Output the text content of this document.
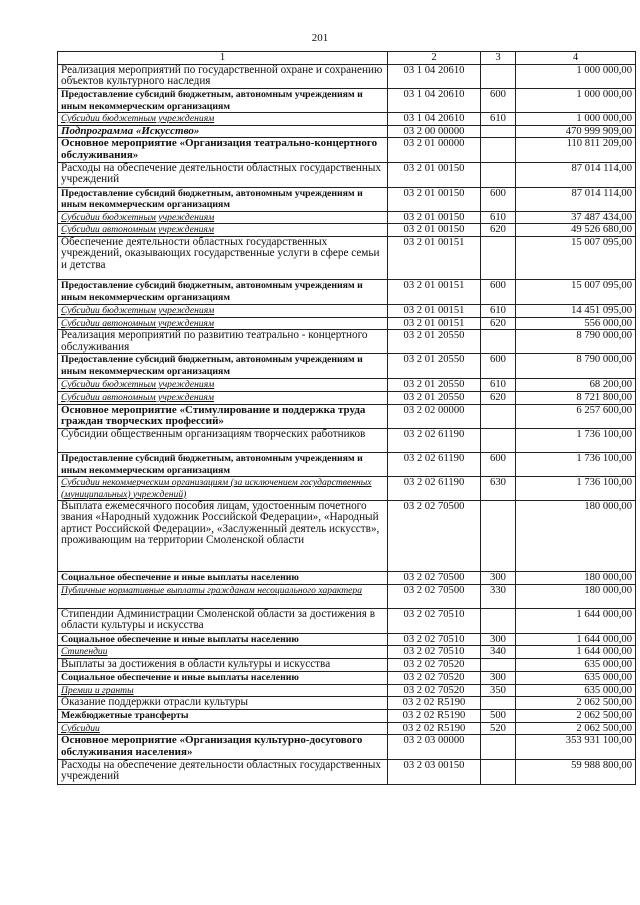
201
1	2	3	4
Реализация мероприятий по государственной охране и сохранению объектов культурного наследия	03 1 04 20610		1 000 000,00
Предоставление субсидий бюджетным, автономным учреждениям и иным некоммерческим организациям	03 1 04 20610	600	1 000 000,00
Субсидии бюджетным учреждениям	03 1 04 20610	610	1 000 000,00
Подпрограмма «Искусство»	03 2 00 00000		470 999 909,00
Основное мероприятие «Организация театрально-концертного обслуживания»	03 2 01 00000		110 811 209,00
Расходы на обеспечение деятельности областных государственных учреждений	03 2 01 00150		87 014 114,00
Предоставление субсидий бюджетным, автономным учреждениям и иным некоммерческим организациям	03 2 01 00150	600	87 014 114,00
Субсидии бюджетным учреждениям	03 2 01 00150	610	37 487 434,00
Субсидии автономным учреждениям	03 2 01 00150	620	49 526 680,00
Обеспечение деятельности областных государственных учреждений, оказывающих государственные услуги в сфере семьи и детства	03 2 01 00151		15 007 095,00
Предоставление субсидий бюджетным, автономным учреждениям и иным некоммерческим организациям	03 2 01 00151	600	15 007 095,00
Субсидии бюджетным учреждениям	03 2 01 00151	610	14 451 095,00
Субсидии автономным учреждениям	03 2 01 00151	620	556 000,00
Реализация мероприятий по развитию театрально - концертного обслуживания	03 2 01 20550		8 790 000,00
Предоставление субсидий бюджетным, автономным учреждениям и иным некоммерческим организациям	03 2 01 20550	600	8 790 000,00
Субсидии бюджетным учреждениям	03 2 01 20550	610	68 200,00
Субсидии автономным учреждениям	03 2 01 20550	620	8 721 800,00
Основное мероприятие «Стимулирование и поддержка труда граждан творческих профессий»	03 2 02 00000		6 257 600,00
Субсидии общественным организациям творческих работников	03 2 02 61190		1 736 100,00
Предоставление субсидий бюджетным, автономным учреждениям и иным некоммерческим организациям	03 2 02 61190	600	1 736 100,00
Субсидии некоммерческим организациям (за исключением государственных (муниципальных) учреждений)	03 2 02 61190	630	1 736 100,00
Выплата ежемесячного пособия лицам, удостоенным почетного звания «Народный художник Российской Федерации», «Народный артист Российской Федерации», «Заслуженный деятель искусств», проживающим на территории Смоленской области	03 2 02 70500		180 000,00
Социальное обеспечение и иные выплаты населению	03 2 02 70500	300	180 000,00
Публичные нормативные выплаты гражданам несоциального характера	03 2 02 70500	330	180 000,00
Стипендии Администрации Смоленской области за достижения в области культуры и искусства	03 2 02 70510		1 644 000,00
Социальное обеспечение и иные выплаты населению	03 2 02 70510	300	1 644 000,00
Стипендии	03 2 02 70510	340	1 644 000,00
Выплаты за достижения в области культуры и искусства	03 2 02 70520		635 000,00
Социальное обеспечение и иные выплаты населению	03 2 02 70520	300	635 000,00
Премии и гранты	03 2 02 70520	350	635 000,00
Оказание поддержки отрасли культуры	03 2 02 R5190		2 062 500,00
Межбюджетные трансферты	03 2 02 R5190	500	2 062 500,00
Субсидии	03 2 02 R5190	520	2 062 500,00
Основное мероприятие «Организация культурно-досугового обслуживания населения»	03 2 03 00000		353 931 100,00
Расходы на обеспечение деятельности областных государственных учреждений	03 2 03 00150		59 988 800,00
